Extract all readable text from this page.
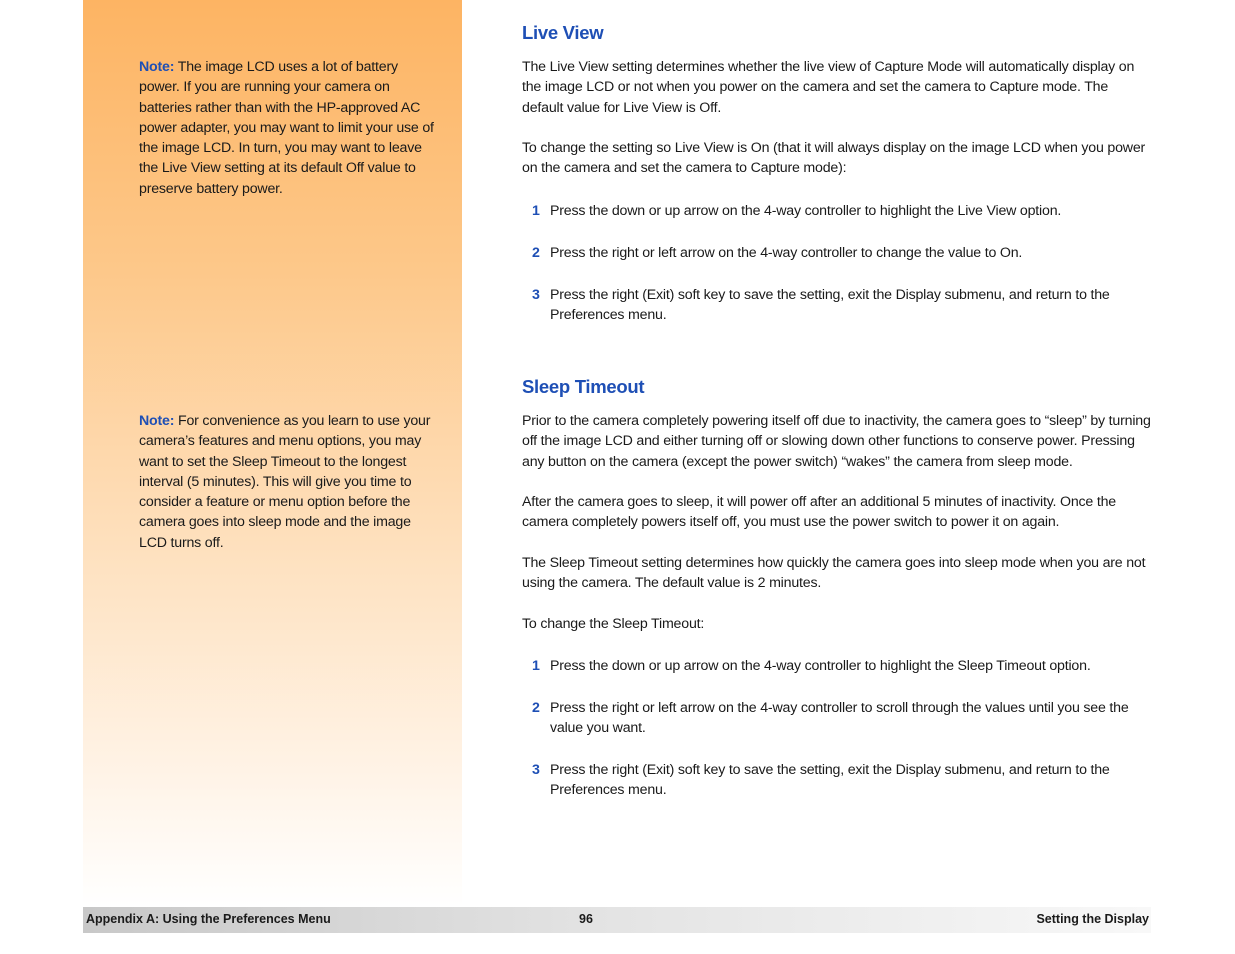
Note: The image LCD uses a lot of battery power. If you are running your camera on batteries rather than with the HP-approved AC power adapter, you may want to limit your use of the image LCD. In turn, you may want to leave the Live View setting at its default Off value to preserve battery power.
Note: For convenience as you learn to use your camera’s features and menu options, you may want to set the Sleep Timeout to the longest interval (5 minutes). This will give you time to consider a feature or menu option before the camera goes into sleep mode and the image LCD turns off.
Live View
The Live View setting determines whether the live view of Capture Mode will automatically display on the image LCD or not when you power on the camera and set the camera to Capture mode. The default value for Live View is Off.
To change the setting so Live View is On (that it will always display on the image LCD when you power on the camera and set the camera to Capture mode):
1 Press the down or up arrow on the 4-way controller to highlight the Live View option.
2 Press the right or left arrow on the 4-way controller to change the value to On.
3 Press the right (Exit) soft key to save the setting, exit the Display submenu, and return to the Preferences menu.
Sleep Timeout
Prior to the camera completely powering itself off due to inactivity, the camera goes to “sleep” by turning off the image LCD and either turning off or slowing down other functions to conserve power. Pressing any button on the camera (except the power switch) “wakes” the camera from sleep mode.
After the camera goes to sleep, it will power off after an additional 5 minutes of inactivity. Once the camera completely powers itself off, you must use the power switch to power it on again.
The Sleep Timeout setting determines how quickly the camera goes into sleep mode when you are not using the camera. The default value is 2 minutes.
To change the Sleep Timeout:
1 Press the down or up arrow on the 4-way controller to highlight the Sleep Timeout option.
2 Press the right or left arrow on the 4-way controller to scroll through the values until you see the value you want.
3 Press the right (Exit) soft key to save the setting, exit the Display submenu, and return to the Preferences menu.
Appendix A: Using the Preferences Menu	96	Setting the Display
